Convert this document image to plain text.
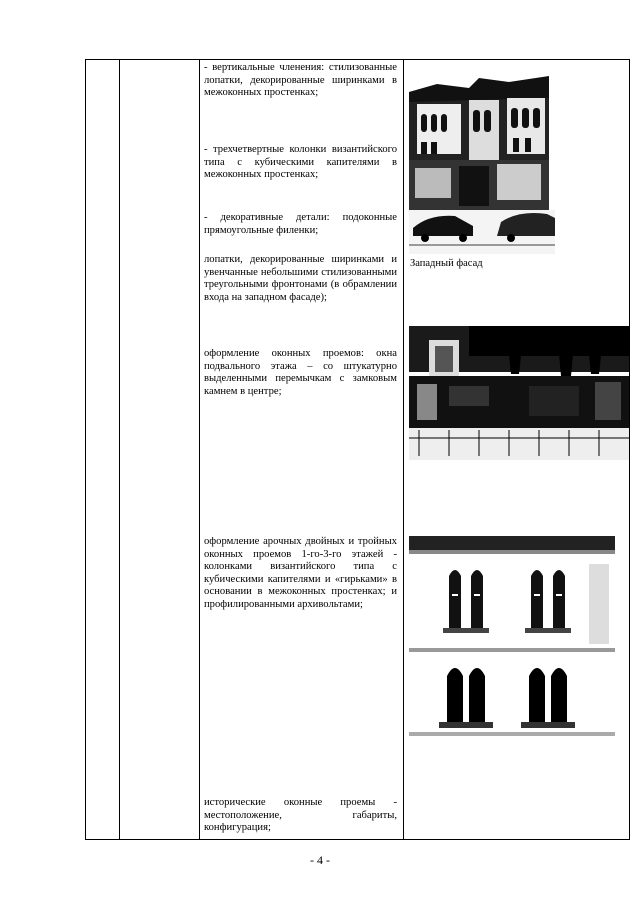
- вертикальные членения: стилизованные лопатки, декорированные ширинками в межоконных простенках;

- трехчетвертные колонки византийского типа с кубическими капителями в межоконных простенках;

- декоративные детали: подоконные прямоугольные филенки;

лопатки, декорированные ширинками и увенчанные небольшими стилизованными треугольными фронтонами (в обрамлении входа на западном фасаде);

оформление оконных проемов: окна подвального этажа – со штукатурно выделенными перемычкам с замковым камнем в центре;

оформление арочных двойных и тройных оконных проемов 1-го-3-го этажей - колонками византийского типа с кубическими капителями и «гирьками» в основании в межоконных простенках; и профилированными архивольтами;

исторические оконные проемы - местоположение, габариты, конфигурация;

Западный фасад
- 4 -
